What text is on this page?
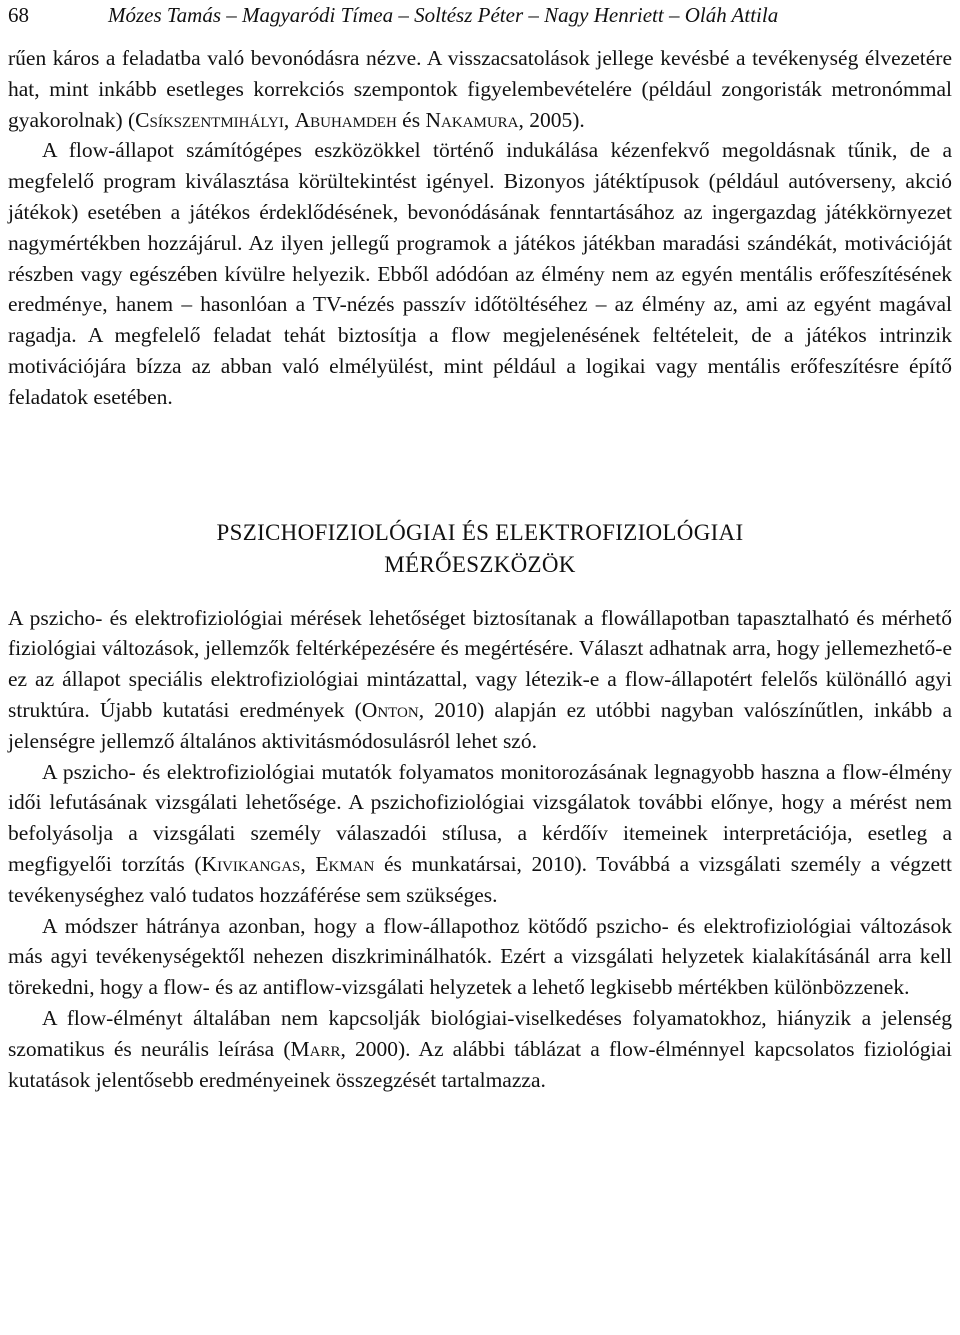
68	Mózes Tamás – Magyaródi Tímea – Soltész Péter – Nagy Henriett – Oláh Attila

rűen káros a feladatba való bevonódásra nézve. A visszacsatolások jellege kevésbé a tevékenység élvezetére hat, mint inkább esetleges korrekciós szempontok figyelembevételére (például zongoristák metronómmal gyakorolnak) (Csíkszentmihályi, Abuhamdeh és Nakamura, 2005).

A flow-állapot számítógépes eszközökkel történő indukálása kézenfekvő megoldásnak tűnik, de a megfelelő program kiválasztása körültekintést igényel. Bizonyos játéktípusok (például autóverseny, akció játékok) esetében a játékos érdeklődésének, bevonódásának fenntartásához az ingergazdag játékkörnyezet nagymértékben hozzájárul. Az ilyen jellegű programok a játékos játékban maradási szándékát, motivációját részben vagy egészében kívülre helyezik. Ebből adódóan az élmény nem az egyén mentális erőfeszítésének eredménye, hanem – hasonlóan a TV-nézés passzív időtöltéséhez – az élmény az, ami az egyént magával ragadja. A megfelelő feladat tehát biztosítja a flow megjelenésének feltételeit, de a játékos intrinzik motivációjára bízza az abban való elmélyülést, mint például a logikai vagy mentális erőfeszítésre építő feladatok esetében.

PSZICHOFIZIOLÓGIAI ÉS ELEKTROFIZIOLÓGIAI
MÉRŐESZKÖZÖK

A pszicho- és elektrofiziológiai mérések lehetőséget biztosítanak a flowállapotban tapasztalható és mérhető fiziológiai változások, jellemzők feltérképezésére és megértésére. Választ adhatnak arra, hogy jellemezhető-e ez az állapot speciális elektrofiziológiai mintázattal, vagy létezik-e a flow-állapotért felelős különálló agyi struktúra. Újabb kutatási eredmények (Onton, 2010) alapján ez utóbbi nagyban valószínűtlen, inkább a jelenségre jellemző általános aktivitásmódosulásról lehet szó.

A pszicho- és elektrofiziológiai mutatók folyamatos monitorozásának legnagyobb haszna a flow-élmény idői lefutásának vizsgálati lehetősége. A pszichofiziológiai vizsgálatok további előnye, hogy a mérést nem befolyásolja a vizsgálati személy válaszadói stílusa, a kérdőív itemeinek interpretációja, esetleg a megfigyelői torzítás (Kivikangas, Ekman és munkatársai, 2010). Továbbá a vizsgálati személy a végzett tevékenységhez való tudatos hozzáférése sem szükséges.

A módszer hátránya azonban, hogy a flow-állapothoz kötődő pszicho- és elektrofiziológiai változások más agyi tevékenységektől nehezen diszkriminálhatók. Ezért a vizsgálati helyzetek kialakításánál arra kell törekedni, hogy a flow- és az antiflow-vizsgálati helyzetek a lehető legkisebb mértékben különbözzenek.

A flow-élményt általában nem kapcsolják biológiai-viselkedéses folyamatokhoz, hiányzik a jelenség szomatikus és neurális leírása (Marr, 2000). Az alábbi táblázat a flow-élménnyel kapcsolatos fiziológiai kutatások jelentősebb eredményeinek összegzését tartalmazza.
